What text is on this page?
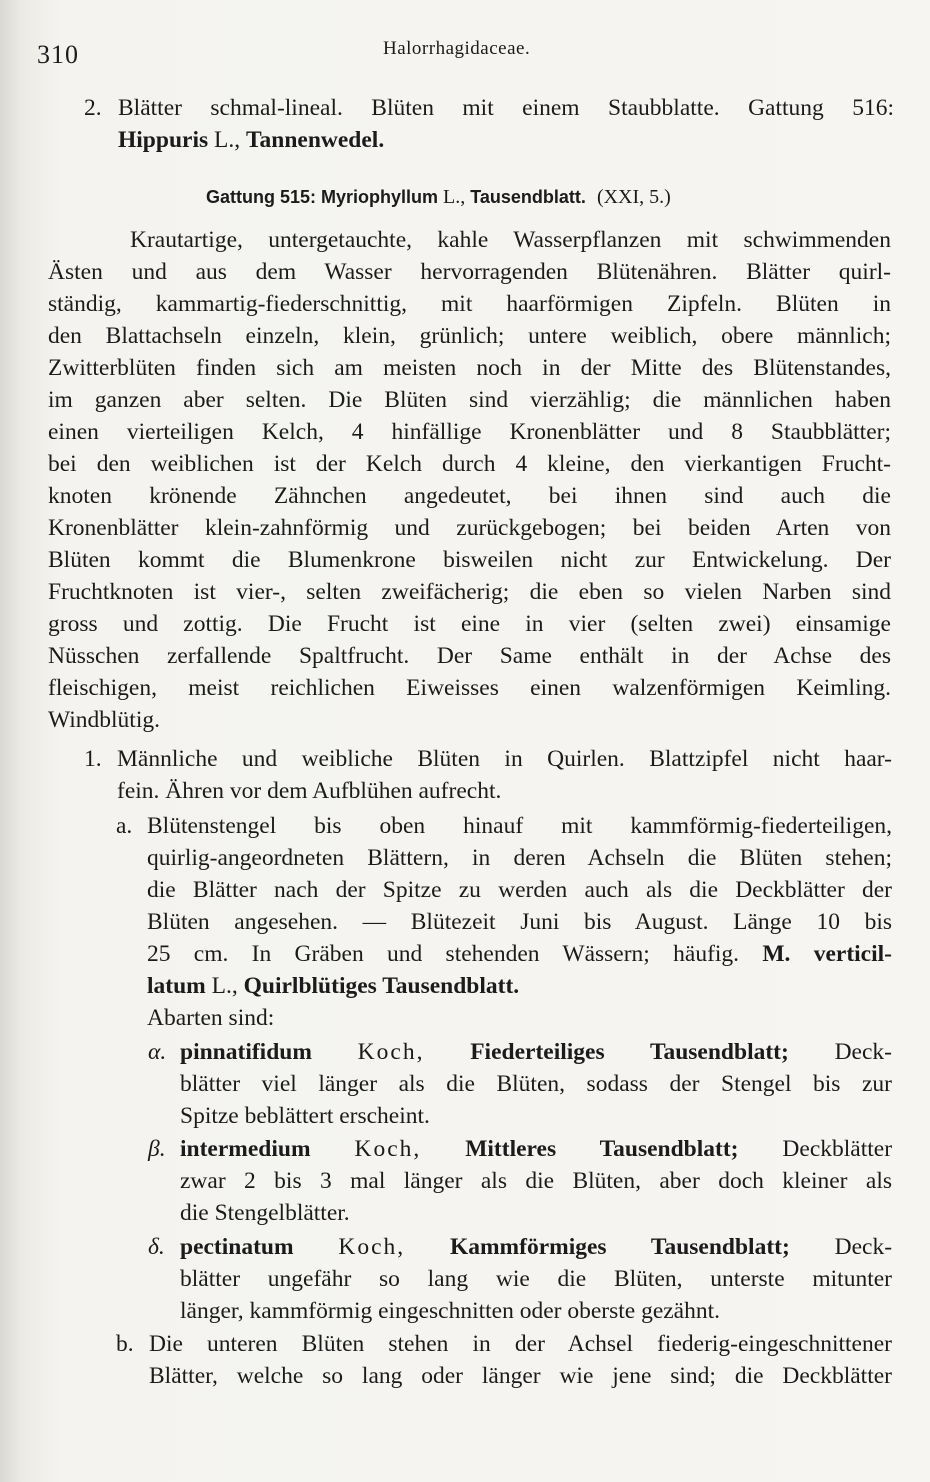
310	Halorrhagidaceae.
2. Blätter schmal-lineal. Blüten mit einem Staubblatte. Gattung 516:
Hippuris L., Tannenwedel.
Gattung 515: Myriophyllum L., Tausendblatt. (XXI, 5.)
Krautartige, untergetauchte, kahle Wasserpflanzen mit schwimmenden
Ästen und aus dem Wasser hervorragenden Blütenähren. Blätter quirl-
ständig, kammartig-fiederschnittig, mit haarförmigen Zipfeln. Blüten in
den Blattachseln einzeln, klein, grünlich; untere weiblich, obere männlich;
Zwitterblüten finden sich am meisten noch in der Mitte des Blütenstandes,
im ganzen aber selten. Die Blüten sind vierzählig; die männlichen haben
einen vierteiligen Kelch, 4 hinfällige Kronenblätter und 8 Staubblätter;
bei den weiblichen ist der Kelch durch 4 kleine, den vierkantigen Frucht-
knoten krönende Zähnchen angedeutet, bei ihnen sind auch die
Kronenblätter klein-zahnförmig und zurückgebogen; bei beiden Arten von
Blüten kommt die Blumenkrone bisweilen nicht zur Entwickelung. Der
Fruchtknoten ist vier-, selten zweifächerig; die eben so vielen Narben sind
gross und zottig. Die Frucht ist eine in vier (selten zwei) einsamige
Nüsschen zerfallende Spaltfrucht. Der Same enthält in der Achse des
fleischigen, meist reichlichen Eiweisses einen walzenförmigen Keimling.
Windblütig.
1. Männliche und weibliche Blüten in Quirlen. Blattzipfel nicht haar-
fein. Ähren vor dem Aufblühen aufrecht.
a. Blütenstengel bis oben hinauf mit kammförmig-fiederteiligen,
quirlig-angeordneten Blättern, in deren Achseln die Blüten stehen;
die Blätter nach der Spitze zu werden auch als die Deckblätter der
Blüten angesehen. — Blütezeit Juni bis August. Länge 10 bis
25 cm. In Gräben und stehenden Wässern; häufig. M. verticil-
latum L., Quirlblütiges Tausendblatt.
Abarten sind:
α. pinnatifidum Koch, Fiederteiliges Tausendblatt; Deck-
blätter viel länger als die Blüten, sodass der Stengel bis zur
Spitze beblättert erscheint.
β. intermedium Koch, Mittleres Tausendblatt; Deckblätter
zwar 2 bis 3 mal länger als die Blüten, aber doch kleiner als
die Stengelblätter.
δ. pectinatum Koch, Kammförmiges Tausendblatt; Deck-
blätter ungefähr so lang wie die Blüten, unterste mitunter
länger, kammförmig eingeschnitten oder oberste gezähnt.
b. Die unteren Blüten stehen in der Achsel fiederig-eingeschnittener
Blätter, welche so lang oder länger wie jene sind; die Deckblätter
